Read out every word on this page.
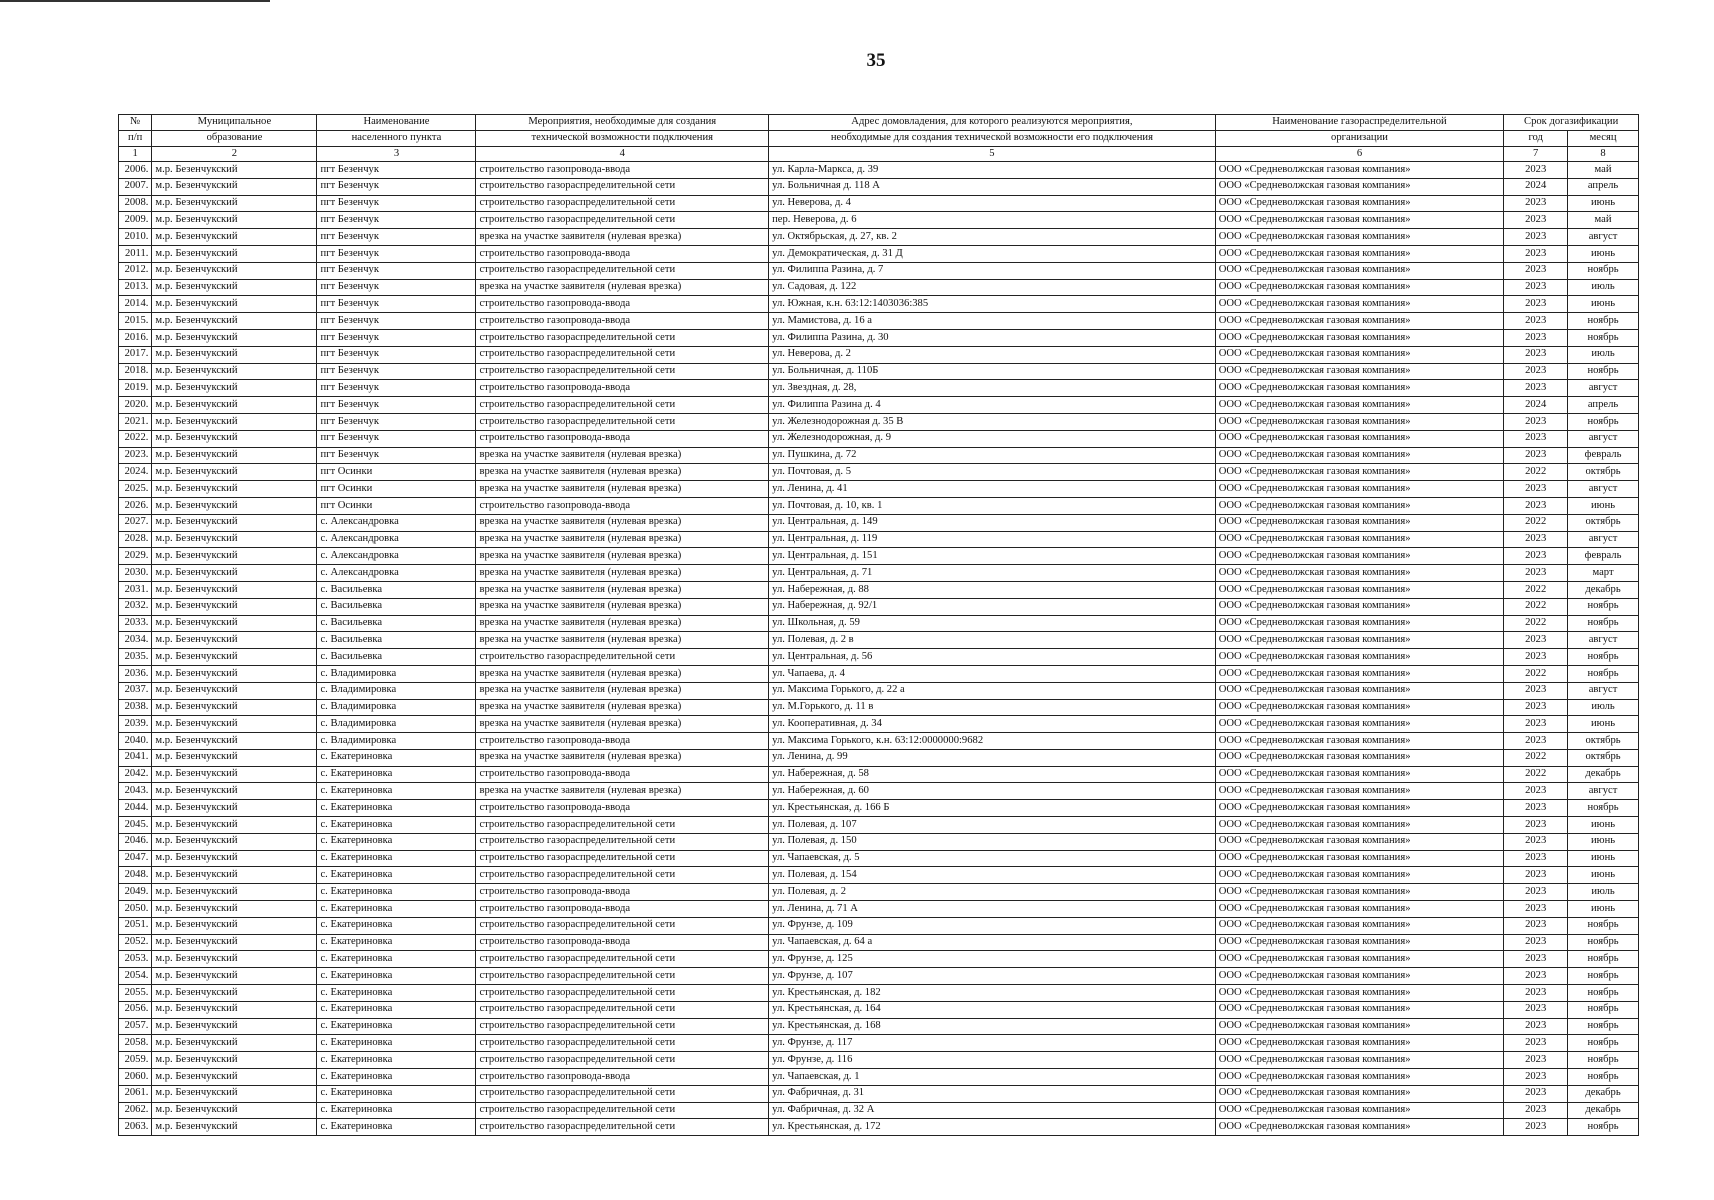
35
№	Муниципальное	Наименование	Мероприятия, необходимые для создания	Адрес домовладения, для которого реализуются мероприятия,	Наименование газораспределительной	Срок догазификации	
п/п	образование	населенного пункта	технической возможности подключения	необходимые для создания технической возможности его подключения	организации	год	месяц
1	2	3	4	5	6	7	8
2006.	м.р. Безенчукский	пгт Безенчук	строительство газопровода-ввода	ул. Карла-Маркса, д. 39	ООО «Средневолжская газовая компания»	2023	май
2007.	м.р. Безенчукский	пгт Безенчук	строительство газораспределительной сети	ул. Больничная д. 118 А	ООО «Средневолжская газовая компания»	2024	апрель
2008.	м.р. Безенчукский	пгт Безенчук	строительство газораспределительной сети	ул. Неверова, д. 4	ООО «Средневолжская газовая компания»	2023	июнь
2009.	м.р. Безенчукский	пгт Безенчук	строительство газораспределительной сети	пер. Неверова, д. 6	ООО «Средневолжская газовая компания»	2023	май
2010.	м.р. Безенчукский	пгт Безенчук	врезка на участке заявителя (нулевая врезка)	ул. Октябрьская, д. 27, кв. 2	ООО «Средневолжская газовая компания»	2023	август
2011.	м.р. Безенчукский	пгт Безенчук	строительство газопровода-ввода	ул. Демократическая, д. 31 Д	ООО «Средневолжская газовая компания»	2023	июнь
2012.	м.р. Безенчукский	пгт Безенчук	строительство газораспределительной сети	ул. Филиппа Разина, д. 7	ООО «Средневолжская газовая компания»	2023	ноябрь
2013.	м.р. Безенчукский	пгт Безенчук	врезка на участке заявителя (нулевая врезка)	ул. Садовая, д. 122	ООО «Средневолжская газовая компания»	2023	июль
2014.	м.р. Безенчукский	пгт Безенчук	строительство газопровода-ввода	ул. Южная, к.н. 63:12:1403036:385	ООО «Средневолжская газовая компания»	2023	июнь
2015.	м.р. Безенчукский	пгт Безенчук	строительство газопровода-ввода	ул. Мамистова, д. 16 а	ООО «Средневолжская газовая компания»	2023	ноябрь
2016.	м.р. Безенчукский	пгт Безенчук	строительство газораспределительной сети	ул. Филиппа Разина, д. 30	ООО «Средневолжская газовая компания»	2023	ноябрь
2017.	м.р. Безенчукский	пгт Безенчук	строительство газораспределительной сети	ул. Неверова, д. 2	ООО «Средневолжская газовая компания»	2023	июль
2018.	м.р. Безенчукский	пгт Безенчук	строительство газораспределительной сети	ул. Больничная, д. 110Б	ООО «Средневолжская газовая компания»	2023	ноябрь
2019.	м.р. Безенчукский	пгт Безенчук	строительство газопровода-ввода	ул. Звездная, д. 28,	ООО «Средневолжская газовая компания»	2023	август
2020.	м.р. Безенчукский	пгт Безенчук	строительство газораспределительной сети	ул. Филиппа Разина д. 4	ООО «Средневолжская газовая компания»	2024	апрель
2021.	м.р. Безенчукский	пгт Безенчук	строительство газораспределительной сети	ул. Железнодорожная д. 35 В	ООО «Средневолжская газовая компания»	2023	ноябрь
2022.	м.р. Безенчукский	пгт Безенчук	строительство газопровода-ввода	ул. Железнодорожная, д. 9	ООО «Средневолжская газовая компания»	2023	август
2023.	м.р. Безенчукский	пгт Безенчук	врезка на участке заявителя (нулевая врезка)	ул. Пушкина, д. 72	ООО «Средневолжская газовая компания»	2023	февраль
2024.	м.р. Безенчукский	пгт Осинки	врезка на участке заявителя (нулевая врезка)	ул. Почтовая, д. 5	ООО «Средневолжская газовая компания»	2022	октябрь
2025.	м.р. Безенчукский	пгт Осинки	врезка на участке заявителя (нулевая врезка)	ул. Ленина, д. 41	ООО «Средневолжская газовая компания»	2023	август
2026.	м.р. Безенчукский	пгт Осинки	строительство газопровода-ввода	ул. Почтовая, д. 10, кв. 1	ООО «Средневолжская газовая компания»	2023	июнь
2027.	м.р. Безенчукский	с. Александровка	врезка на участке заявителя (нулевая врезка)	ул. Центральная, д. 149	ООО «Средневолжская газовая компания»	2022	октябрь
2028.	м.р. Безенчукский	с. Александровка	врезка на участке заявителя (нулевая врезка)	ул. Центральная, д. 119	ООО «Средневолжская газовая компания»	2023	август
2029.	м.р. Безенчукский	с. Александровка	врезка на участке заявителя (нулевая врезка)	ул. Центральная, д. 151	ООО «Средневолжская газовая компания»	2023	февраль
2030.	м.р. Безенчукский	с. Александровка	врезка на участке заявителя (нулевая врезка)	ул. Центральная, д. 71	ООО «Средневолжская газовая компания»	2023	март
2031.	м.р. Безенчукский	с. Васильевка	врезка на участке заявителя (нулевая врезка)	ул. Набережная, д. 88	ООО «Средневолжская газовая компания»	2022	декабрь
2032.	м.р. Безенчукский	с. Васильевка	врезка на участке заявителя (нулевая врезка)	ул. Набережная, д. 92/1	ООО «Средневолжская газовая компания»	2022	ноябрь
2033.	м.р. Безенчукский	с. Васильевка	врезка на участке заявителя (нулевая врезка)	ул. Школьная, д. 59	ООО «Средневолжская газовая компания»	2022	ноябрь
2034.	м.р. Безенчукский	с. Васильевка	врезка на участке заявителя (нулевая врезка)	ул. Полевая, д. 2 в	ООО «Средневолжская газовая компания»	2023	август
2035.	м.р. Безенчукский	с. Васильевка	строительство газораспределительной сети	ул. Центральная, д. 56	ООО «Средневолжская газовая компания»	2023	ноябрь
2036.	м.р. Безенчукский	с. Владимировка	врезка на участке заявителя (нулевая врезка)	ул. Чапаева, д. 4	ООО «Средневолжская газовая компания»	2022	ноябрь
2037.	м.р. Безенчукский	с. Владимировка	врезка на участке заявителя (нулевая врезка)	ул. Максима Горького, д. 22 а	ООО «Средневолжская газовая компания»	2023	август
2038.	м.р. Безенчукский	с. Владимировка	врезка на участке заявителя (нулевая врезка)	ул. М.Горького, д. 11 в	ООО «Средневолжская газовая компания»	2023	июль
2039.	м.р. Безенчукский	с. Владимировка	врезка на участке заявителя (нулевая врезка)	ул. Кооперативная, д. 34	ООО «Средневолжская газовая компания»	2023	июнь
2040.	м.р. Безенчукский	с. Владимировка	строительство газопровода-ввода	ул. Максима Горького, к.н. 63:12:0000000:9682	ООО «Средневолжская газовая компания»	2023	октябрь
2041.	м.р. Безенчукский	с. Екатериновка	врезка на участке заявителя (нулевая врезка)	ул. Ленина, д. 99	ООО «Средневолжская газовая компания»	2022	октябрь
2042.	м.р. Безенчукский	с. Екатериновка	строительство газопровода-ввода	ул. Набережная, д. 58	ООО «Средневолжская газовая компания»	2022	декабрь
2043.	м.р. Безенчукский	с. Екатериновка	врезка на участке заявителя (нулевая врезка)	ул. Набережная, д. 60	ООО «Средневолжская газовая компания»	2023	август
2044.	м.р. Безенчукский	с. Екатериновка	строительство газопровода-ввода	ул. Крестьянская, д. 166 Б	ООО «Средневолжская газовая компания»	2023	ноябрь
2045.	м.р. Безенчукский	с. Екатериновка	строительство газораспределительной сети	ул. Полевая, д. 107	ООО «Средневолжская газовая компания»	2023	июнь
2046.	м.р. Безенчукский	с. Екатериновка	строительство газораспределительной сети	ул. Полевая, д. 150	ООО «Средневолжская газовая компания»	2023	июнь
2047.	м.р. Безенчукский	с. Екатериновка	строительство газораспределительной сети	ул. Чапаевская, д. 5	ООО «Средневолжская газовая компания»	2023	июнь
2048.	м.р. Безенчукский	с. Екатериновка	строительство газораспределительной сети	ул. Полевая, д. 154	ООО «Средневолжская газовая компания»	2023	июнь
2049.	м.р. Безенчукский	с. Екатериновка	строительство газопровода-ввода	ул. Полевая, д. 2	ООО «Средневолжская газовая компания»	2023	июль
2050.	м.р. Безенчукский	с. Екатериновка	строительство газопровода-ввода	ул. Ленина, д. 71 А	ООО «Средневолжская газовая компания»	2023	июнь
2051.	м.р. Безенчукский	с. Екатериновка	строительство газораспределительной сети	ул. Фрунзе, д. 109	ООО «Средневолжская газовая компания»	2023	ноябрь
2052.	м.р. Безенчукский	с. Екатериновка	строительство газопровода-ввода	ул. Чапаевская, д. 64 а	ООО «Средневолжская газовая компания»	2023	ноябрь
2053.	м.р. Безенчукский	с. Екатериновка	строительство газораспределительной сети	ул. Фрунзе, д. 125	ООО «Средневолжская газовая компания»	2023	ноябрь
2054.	м.р. Безенчукский	с. Екатериновка	строительство газораспределительной сети	ул. Фрунзе, д. 107	ООО «Средневолжская газовая компания»	2023	ноябрь
2055.	м.р. Безенчукский	с. Екатериновка	строительство газораспределительной сети	ул. Крестьянская, д. 182	ООО «Средневолжская газовая компания»	2023	ноябрь
2056.	м.р. Безенчукский	с. Екатериновка	строительство газораспределительной сети	ул. Крестьянская, д. 164	ООО «Средневолжская газовая компания»	2023	ноябрь
2057.	м.р. Безенчукский	с. Екатериновка	строительство газораспределительной сети	ул. Крестьянская, д. 168	ООО «Средневолжская газовая компания»	2023	ноябрь
2058.	м.р. Безенчукский	с. Екатериновка	строительство газораспределительной сети	ул. Фрунзе, д. 117	ООО «Средневолжская газовая компания»	2023	ноябрь
2059.	м.р. Безенчукский	с. Екатериновка	строительство газораспределительной сети	ул. Фрунзе, д. 116	ООО «Средневолжская газовая компания»	2023	ноябрь
2060.	м.р. Безенчукский	с. Екатериновка	строительство газопровода-ввода	ул. Чапаевская, д. 1	ООО «Средневолжская газовая компания»	2023	ноябрь
2061.	м.р. Безенчукский	с. Екатериновка	строительство газораспределительной сети	ул. Фабричная, д. 31	ООО «Средневолжская газовая компания»	2023	декабрь
2062.	м.р. Безенчукский	с. Екатериновка	строительство газораспределительной сети	ул. Фабричная, д. 32 А	ООО «Средневолжская газовая компания»	2023	декабрь
2063.	м.р. Безенчукский	с. Екатериновка	строительство газораспределительной сети	ул. Крестьянская, д. 172	ООО «Средневолжская газовая компания»	2023	ноябрь
